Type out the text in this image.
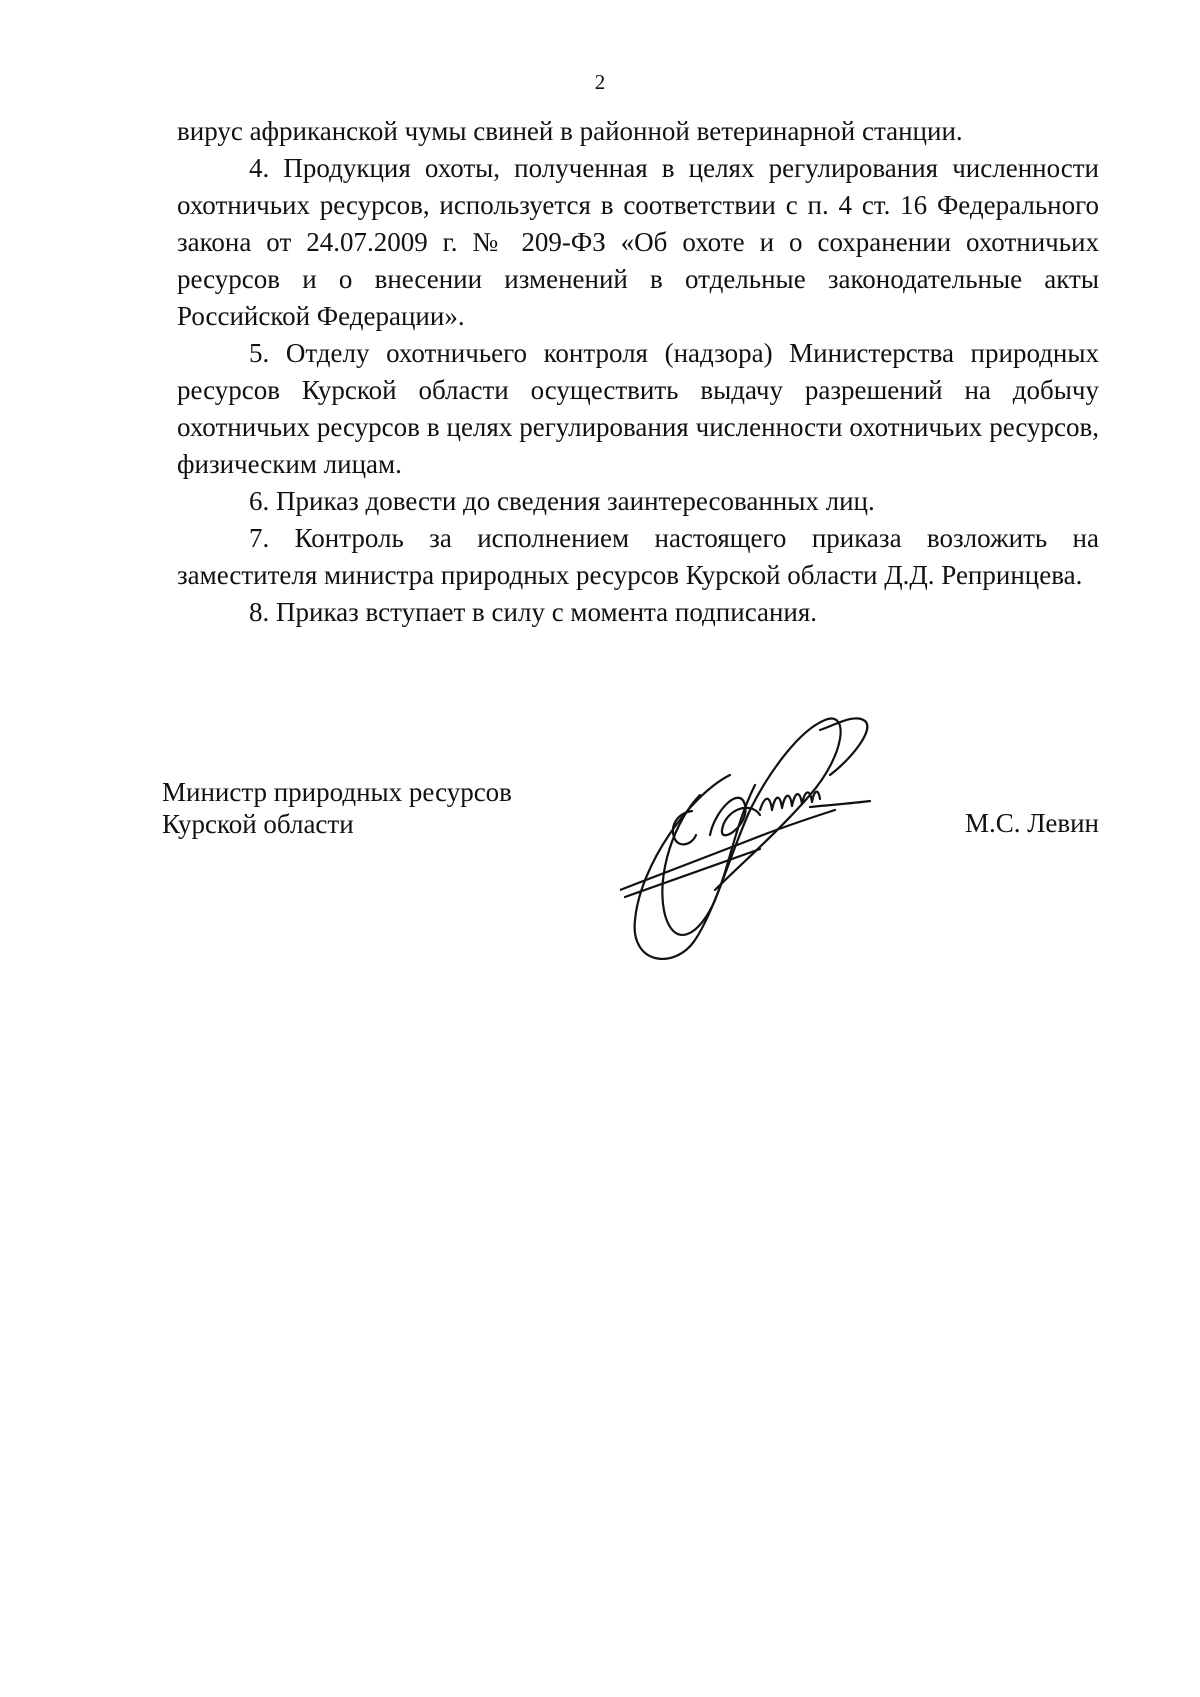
2

вирус африканской чумы свиней в районной ветеринарной станции.

4. Продукция охоты, полученная в целях регулирования численности охотничьих ресурсов, используется в соответствии с п. 4 ст. 16 Федерального закона от 24.07.2009 г. № 209-ФЗ «Об охоте и о сохранении охотничьих ресурсов и о внесении изменений в отдельные законодательные акты Российской Федерации».

5. Отделу охотничьего контроля (надзора) Министерства природных ресурсов Курской области осуществить выдачу разрешений на добычу охотничьих ресурсов в целях регулирования численности охотничьих ресурсов, физическим лицам.

6. Приказ довести до сведения заинтересованных лиц.

7. Контроль за исполнением настоящего приказа возложить на заместителя министра природных ресурсов Курской области Д.Д. Репринцева.

8. Приказ вступает в силу с момента подписания.

Министр природных ресурсов
Курской области	М.С. Левин
